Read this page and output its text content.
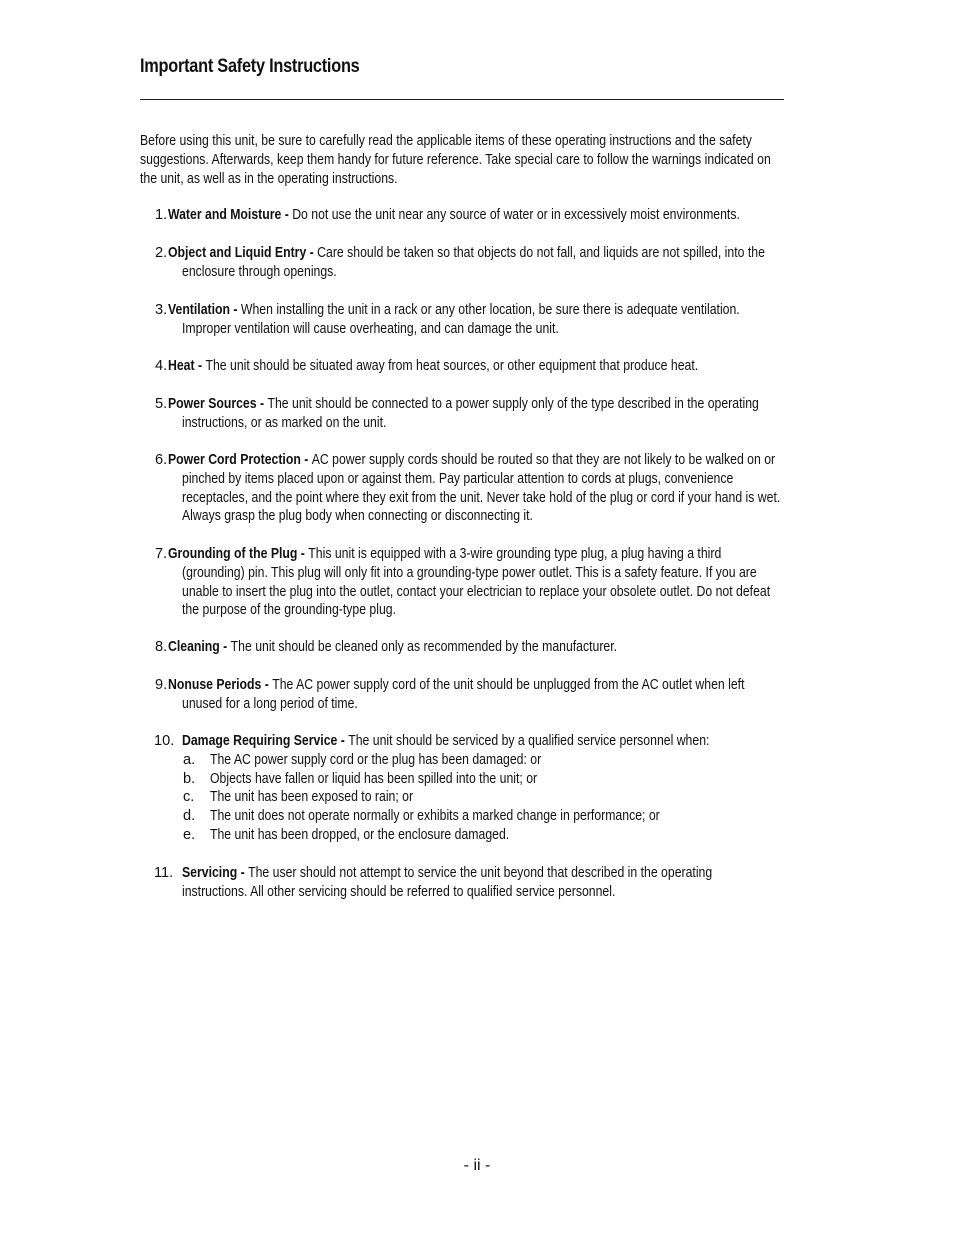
Important Safety Instructions
Before using this unit, be sure to carefully read the applicable items of these operating instructions and the safety
suggestions. Afterwards, keep them handy for future reference. Take special care to follow the warnings indicated on
the unit, as well as in the operating instructions.
1. Water and Moisture - Do not use the unit near any source of water or in excessively moist environments.
2. Object and Liquid Entry - Care should be taken so that objects do not fall, and liquids are not spilled, into the
enclosure through openings.
3. Ventilation - When installing the unit in a rack or any other location, be sure there is adequate ventilation.
Improper ventilation will cause overheating, and can damage the unit.
4. Heat - The unit should be situated away from heat sources, or other equipment that produce heat.
5. Power Sources - The unit should be connected to a power supply only of the type described in the operating
instructions, or as marked on the unit.
6. Power Cord Protection - AC power supply cords should be routed so that they are not likely to be walked on or
pinched by items placed upon or against them. Pay particular attention to cords at plugs, convenience
receptacles, and the point where they exit from the unit. Never take hold of the plug or cord if your hand is wet.
Always grasp the plug body when connecting or disconnecting it.
7. Grounding of the Plug - This unit is equipped with a 3-wire grounding type plug, a plug having a third
(grounding) pin. This plug will only fit into a grounding-type power outlet. This is a safety feature. If you are
unable to insert the plug into the outlet, contact your electrician to replace your obsolete outlet. Do not defeat
the purpose of the grounding-type plug.
8. Cleaning - The unit should be cleaned only as recommended by the manufacturer.
9. Nonuse Periods - The AC power supply cord of the unit should be unplugged from the AC outlet when left
unused for a long period of time.
10. Damage Requiring Service - The unit should be serviced by a qualified service personnel when:
a. The AC power supply cord or the plug has been damaged: or
b. Objects have fallen or liquid has been spilled into the unit; or
c. The unit has been exposed to rain; or
d. The unit does not operate normally or exhibits a marked change in performance; or
e. The unit has been dropped, or the enclosure damaged.
11. Servicing - The user should not attempt to service the unit beyond that described in the operating
instructions. All other servicing should be referred to qualified service personnel.
- ii -
